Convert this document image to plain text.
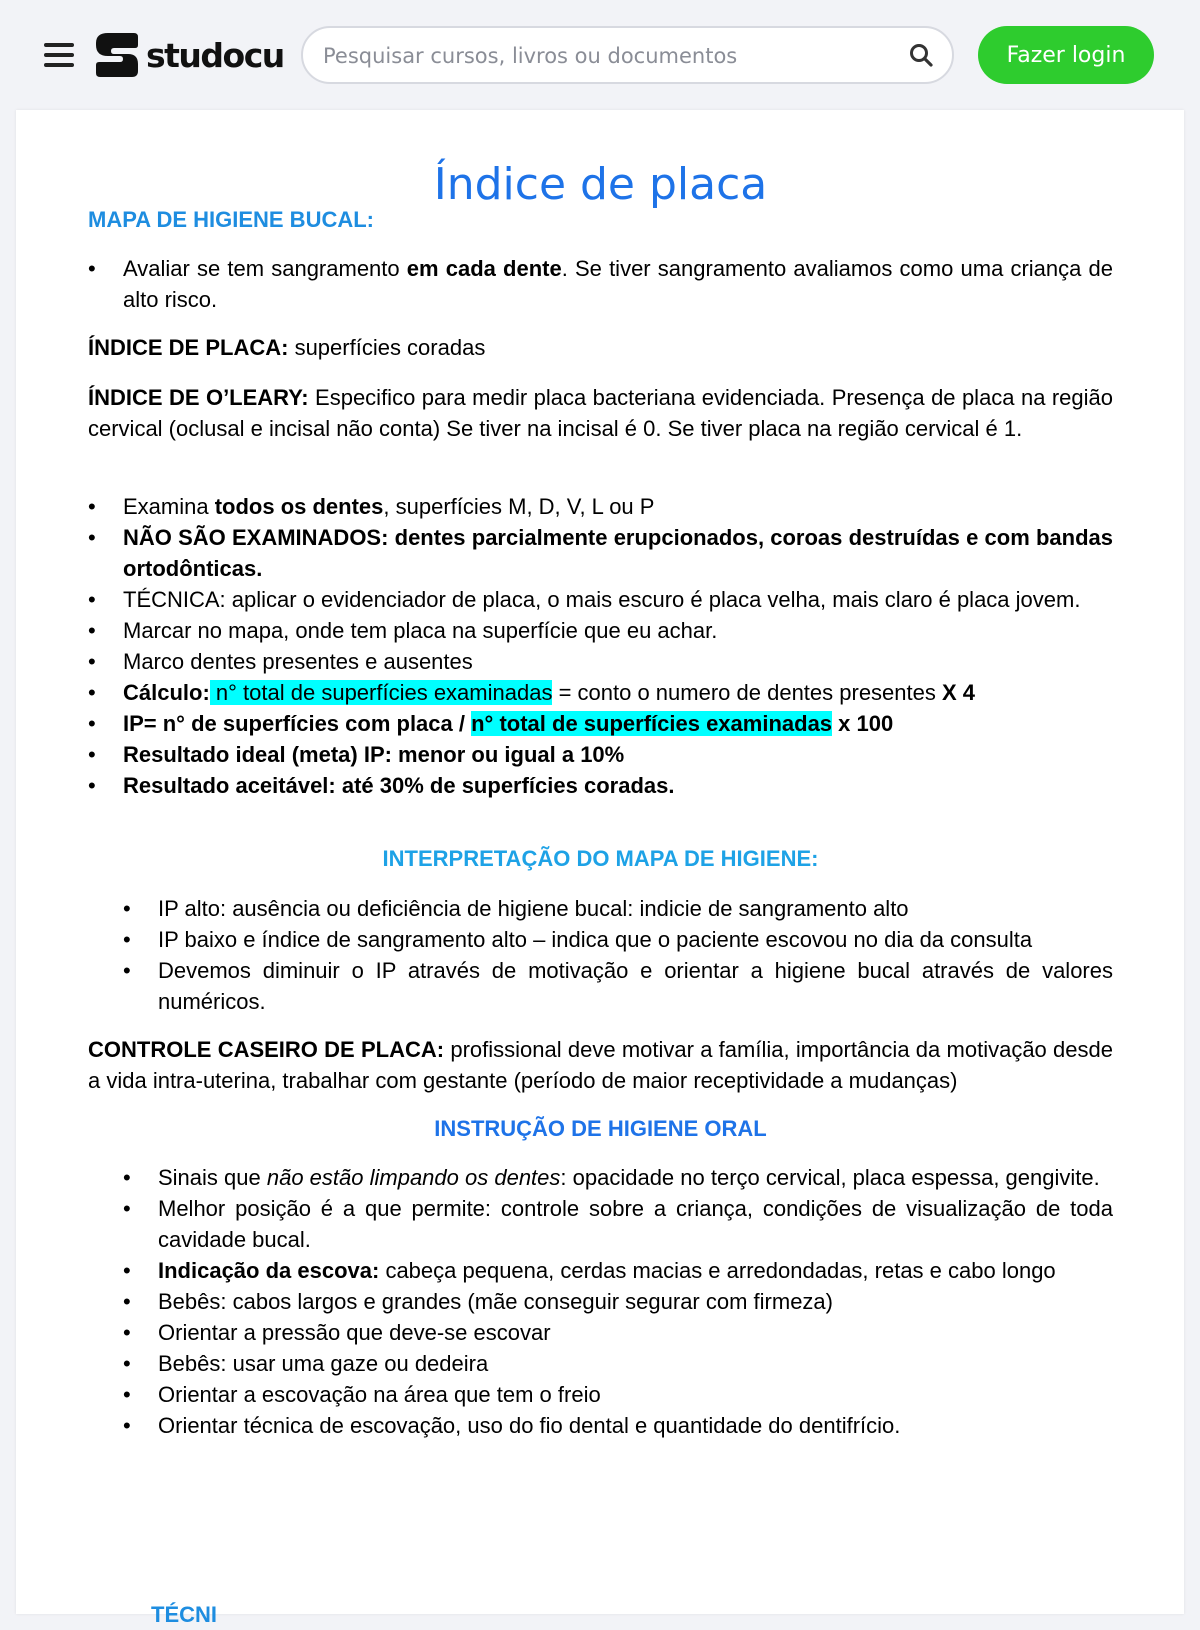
studocu
Pesquisar cursos, livros ou documentos	Fazer login
Índice de placa
MAPA DE HIGIENE BUCAL:
• Avaliar se tem sangramento em cada dente. Se tiver sangramento avaliamos como uma criança de alto risco.

ÍNDICE DE PLACA: superfícies coradas

ÍNDICE DE O’LEARY: Especifico para medir placa bacteriana evidenciada. Presença de placa na região cervical (oclusal e incisal não conta) Se tiver na incisal é 0. Se tiver placa na região cervical é 1.

• Examina todos os dentes, superfícies M, D, V, L ou P
• NÃO SÃO EXAMINADOS: dentes parcialmente erupcionados, coroas destruídas e com bandas ortodônticas.
• TÉCNICA: aplicar o evidenciador de placa, o mais escuro é placa velha, mais claro é placa jovem.
• Marcar no mapa, onde tem placa na superfície que eu achar.
• Marco dentes presentes e ausentes
• Cálculo: n° total de superfícies examinadas = conto o numero de dentes presentes X 4
• IP= n° de superfícies com placa / n° total de superfícies examinadas x 100
• Resultado ideal (meta) IP: menor ou igual a 10%
• Resultado aceitável: até 30% de superfícies coradas.
INTERPRETAÇÃO DO MAPA DE HIGIENE:
• IP alto: ausência ou deficiência de higiene bucal: indicie de sangramento alto
• IP baixo e índice de sangramento alto – indica que o paciente escovou no dia da consulta
• Devemos diminuir o IP através de motivação e orientar a higiene bucal através de valores numéricos.

CONTROLE CASEIRO DE PLACA: profissional deve motivar a família, importância da motivação desde a vida intra-uterina, trabalhar com gestante (período de maior receptividade a mudanças)

INSTRUÇÃO DE HIGIENE ORAL
• Sinais que não estão limpando os dentes: opacidade no terço cervical, placa espessa, gengivite.
• Melhor posição é a que permite: controle sobre a criança, condições de visualização de toda cavidade bucal.
• Indicação da escova: cabeça pequena, cerdas macias e arredondadas, retas e cabo longo
• Bebês: cabos largos e grandes (mãe conseguir segurar com firmeza)
• Orientar a pressão que deve-se escovar
• Bebês: usar uma gaze ou dedeira
• Orientar a escovação na área que tem o freio
• Orientar técnica de escovação, uso do fio dental e quantidade do dentifrício.
TÉCNI
